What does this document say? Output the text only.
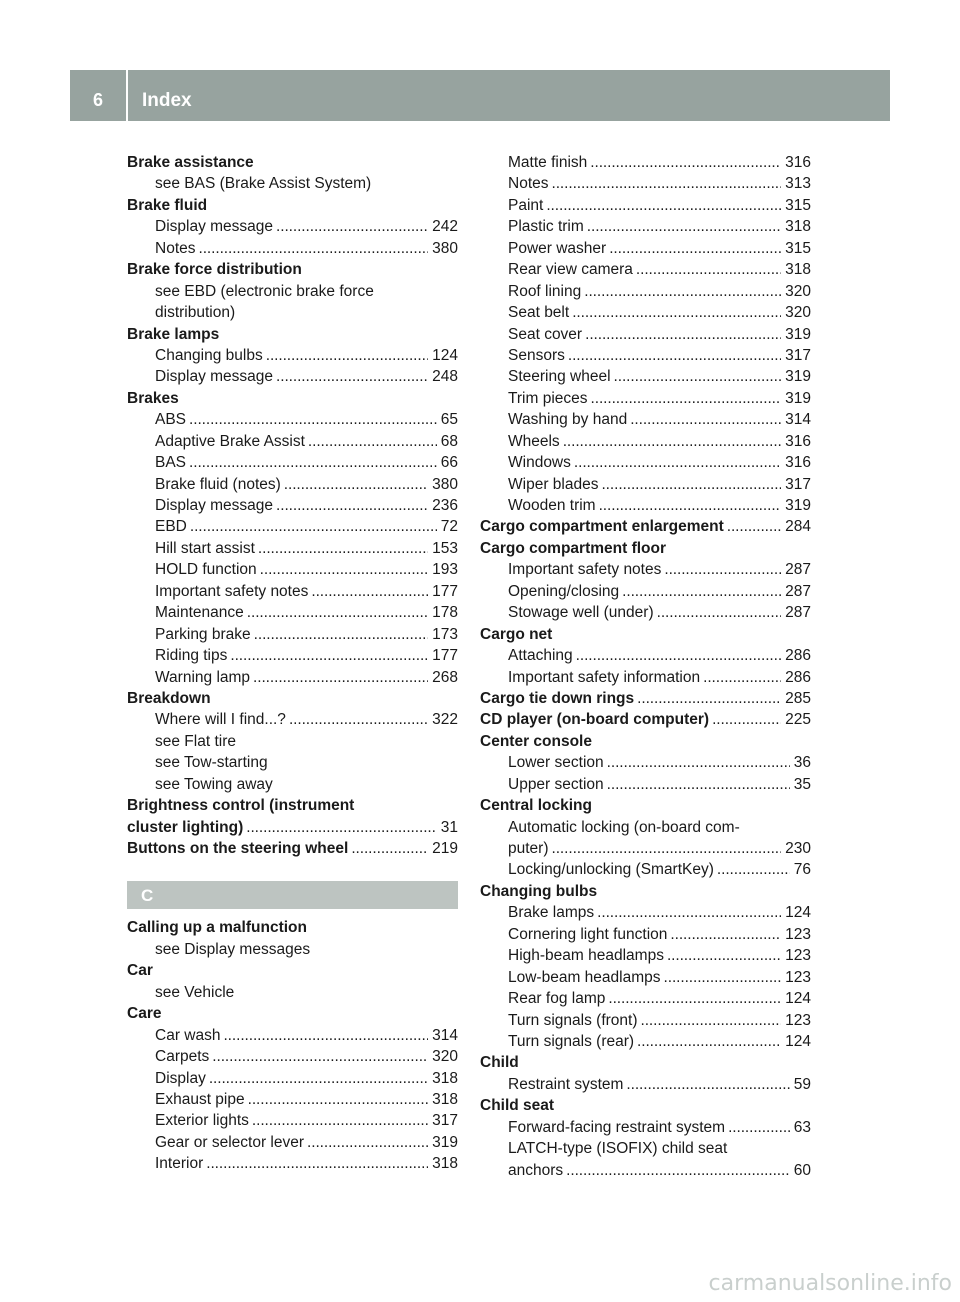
6	Index
Brake assistance
see BAS (Brake Assist System)
Brake fluid
Display message . . .	242
Notes . . .	380
Brake force distribution
see EBD (electronic brake force
distribution)
Brake lamps
Changing bulbs . . .	124
Display message . . .	248
Brakes
ABS . . .	65
Adaptive Brake Assist . . .	68
BAS . . .	66
Brake fluid (notes) . . .	380
Display message . . .	236
EBD . . .	72
Hill start assist . . .	153
HOLD function . . .	193
Important safety notes . . .	177
Maintenance . . .	178
Parking brake . . .	173
Riding tips . . .	177
Warning lamp . . .	268
Breakdown
Where will I find...? . . .	322
see Flat tire
see Tow-starting
see Towing away
Brightness control (instrument
cluster lighting) . . .	31
Buttons on the steering wheel . . .	219
C
Calling up a malfunction
see Display messages
Car
see Vehicle
Care
Car wash . . .	314
Carpets . . .	320
Display . . .	318
Exhaust pipe . . .	318
Exterior lights . . .	317
Gear or selector lever . . .	319
Interior . . .	318
Matte finish . . .	316
Notes . . .	313
Paint . . .	315
Plastic trim . . .	318
Power washer . . .	315
Rear view camera . . .	318
Roof lining . . .	320
Seat belt . . .	320
Seat cover . . .	319
Sensors . . .	317
Steering wheel . . .	319
Trim pieces . . .	319
Washing by hand . . .	314
Wheels . . .	316
Windows . . .	316
Wiper blades . . .	317
Wooden trim . . .	319
Cargo compartment enlargement . . .	284
Cargo compartment floor
Important safety notes . . .	287
Opening/closing . . .	287
Stowage well (under) . . .	287
Cargo net
Attaching . . .	286
Important safety information . . .	286
Cargo tie down rings . . .	285
CD player (on-board computer) . . .	225
Center console
Lower section . . .	36
Upper section . . .	35
Central locking
Automatic locking (on-board com-
puter) . . .	230
Locking/unlocking (SmartKey) . . .	76
Changing bulbs
Brake lamps . . .	124
Cornering light function . . .	123
High-beam headlamps . . .	123
Low-beam headlamps . . .	123
Rear fog lamp . . .	124
Turn signals (front) . . .	123
Turn signals (rear) . . .	124
Child
Restraint system . . .	59
Child seat
Forward-facing restraint system . . .	63
LATCH-type (ISOFIX) child seat
anchors . . .	60
carmanualsonline.info
